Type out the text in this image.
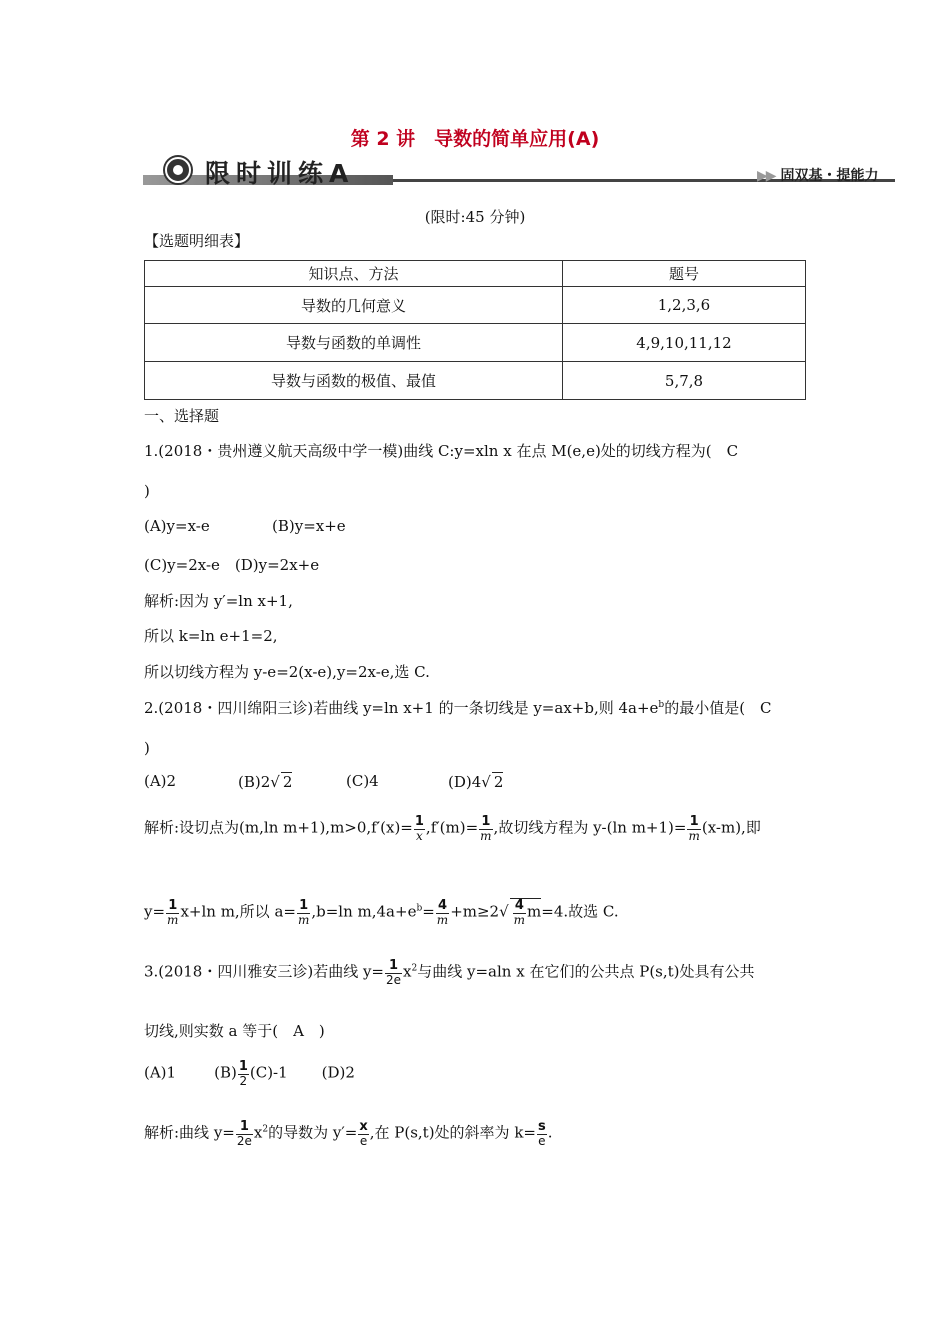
第 2 讲　导数的简单应用(A)
限时训练A	▶▶ 固双基・提能力
(限时:45 分钟)
【选题明细表】
知识点、方法	题号
导数的几何意义	1,2,3,6
导数与函数的单调性	4,9,10,11,12
导数与函数的极值、最值	5,7,8
一、选择题
1.(2018・贵州遵义航天高级中学一模)曲线 C:y=xln x 在点 M(e,e)处的切线方程为(　C
)
(A)y=x-e	(B)y=x+e
(C)y=2x-e　(D)y=2x+e
解析:因为 y′=ln x+1,
所以 k=ln e+1=2,
所以切线方程为 y-e=2(x-e),y=2x-e,选 C.
2.(2018・四川绵阳三诊)若曲线 y=ln x+1 的一条切线是 y=ax+b,则 $4a+e^b$的最小值是(　C
)
(A)2	(B)2√ 2	(C)4	(D)4√ 2
解析:设切点为(m,ln $m+1),m>0,f'(x)= \frac{1}{x} ,f'(m)= \frac{1}{m}$ ,故切线方程为 y-(ln $m+1)= \frac{1}{m} (x-m)$,即
$y= \frac{1}{m} x+\ln$ m,所以 $a= \frac{1}{m} ,b=\ln$ $m,4a+e^b= \frac{4}{m} +m\ge 2√ \frac{4}{m} m=4$.故选 C.
3.(2018・四川雅安三诊)若曲线 $y= \frac{1}{2e} x^2$与曲线 y=aln x 在它们的公共点 P(s,t)处具有公共
切线,则实数 a 等于(　A　)
(A)1	$(B) \frac{1}{2} (C)-1$ (D)2
解析:曲线 $y= \frac{1}{2e} x^2$的导数为 $y'= \frac{x}{e}$ ,在 P(s,t)处的斜率为 $k= \frac{s}{e}$ .
